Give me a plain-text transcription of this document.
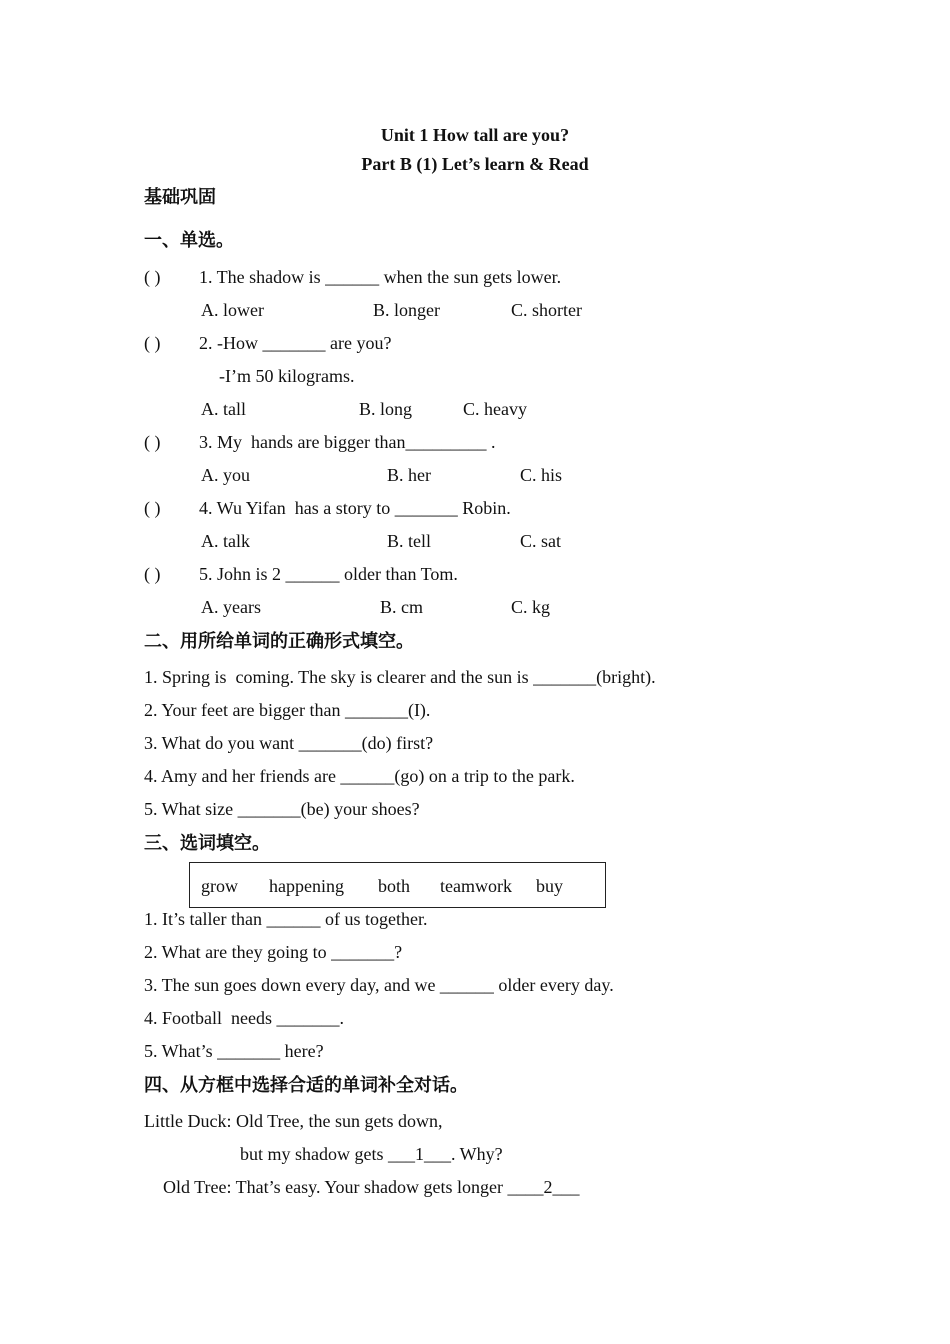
Unit 1 How tall are you?
Part B (1) Let’s learn & Read
基础巩固
一、单选。
( ) 1. The shadow is ______ when the sun gets lower.
A. lower	B. longer	C. shorter
( ) 2. -How _______ are you?
-I’m 50 kilograms.
A. tall	B. long	C. heavy
( ) 3. My  hands are bigger than_________ .
A. you	B. her	C. his
( ) 4. Wu Yifan  has a story to _______ Robin.
A. talk	B. tell	C. sat
( ) 5. John is 2 ______ older than Tom.
A. years	B. cm	C. kg
二、用所给单词的正确形式填空。
1. Spring is  coming. The sky is clearer and the sun is _______(bright).
2. Your feet are bigger than _______(I).
3. What do you want _______(do) first?
4. Amy and her friends are ______(go) on a trip to the park.
5. What size _______(be) your shoes?
三、选词填空。
grow happening both teamwork buy
1. It’s taller than ______ of us together.
2. What are they going to _______?
3. The sun goes down every day, and we ______ older every day.
4. Football  needs _______.
5. What’s _______ here?
四、从方框中选择合适的单词补全对话。
Little Duck: Old Tree, the sun gets down,
but my shadow gets ___1___. Why?
Old Tree: That’s easy. Your shadow gets longer ____2___
